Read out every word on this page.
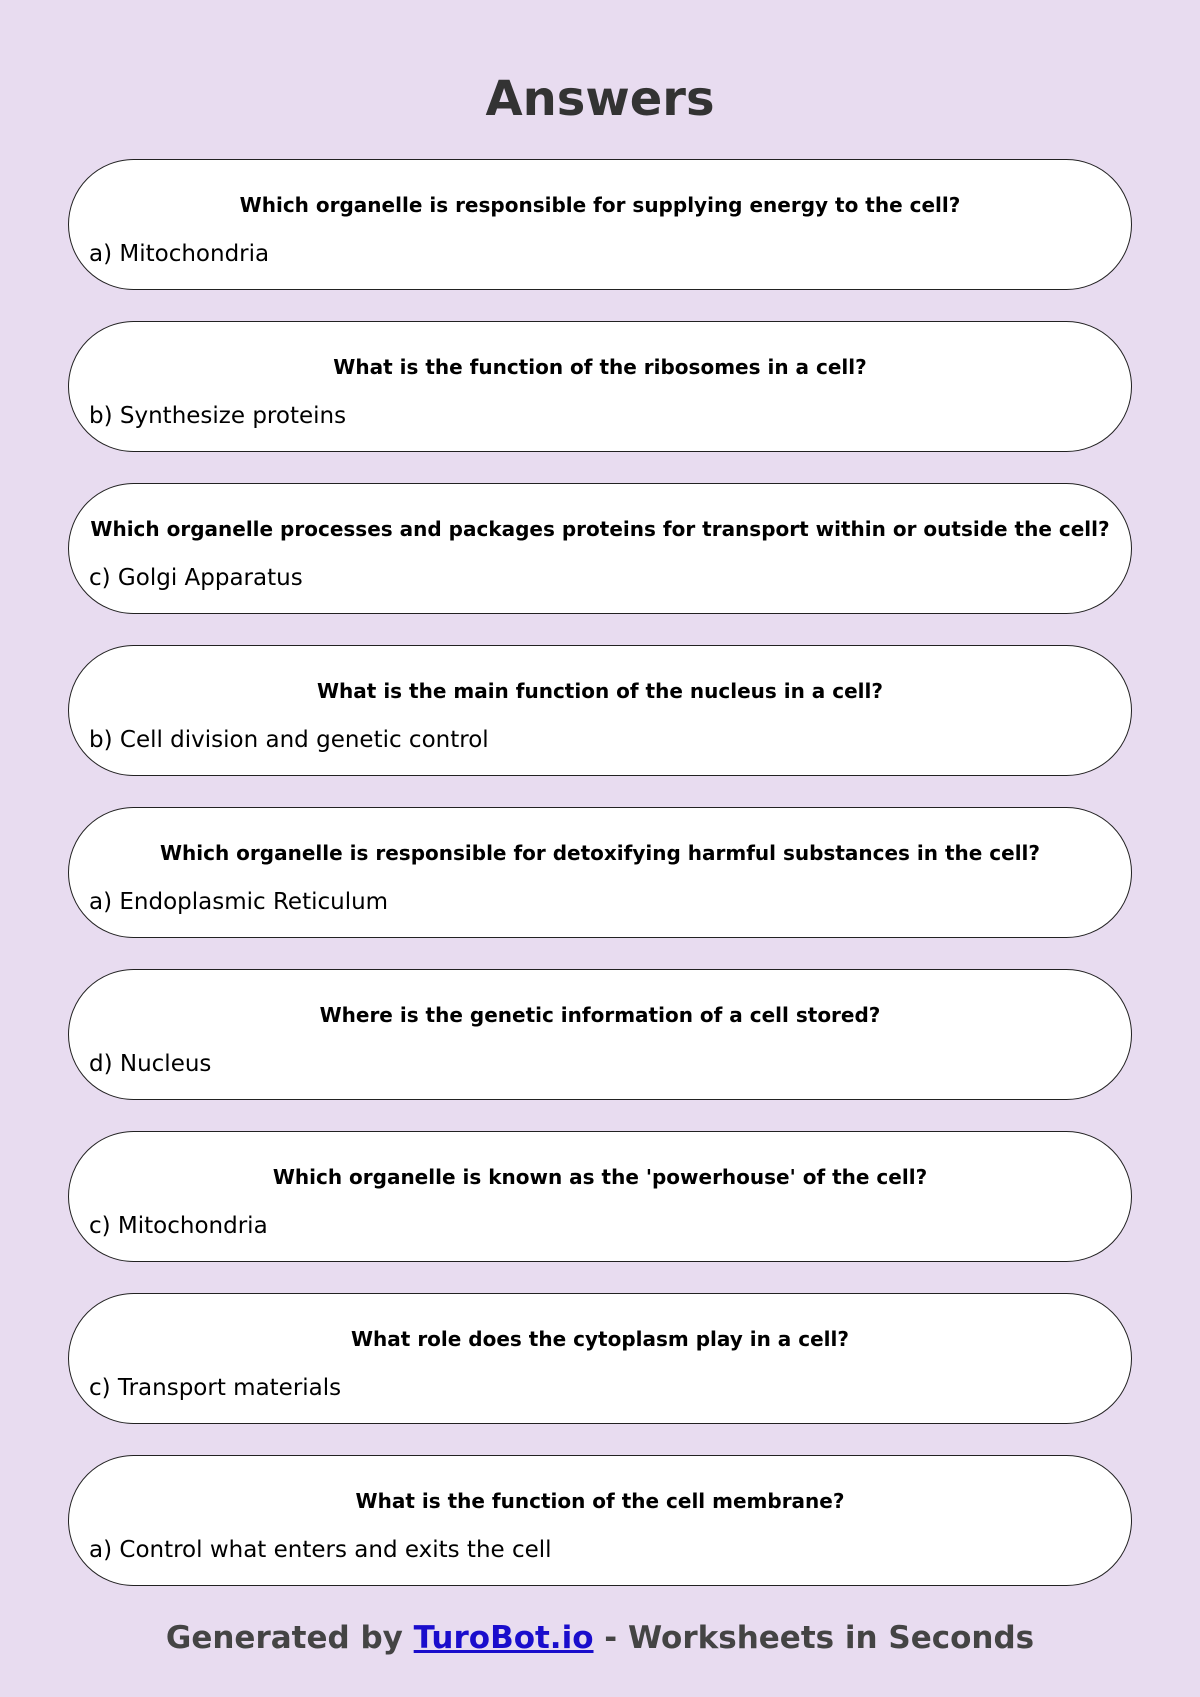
Answers
Which organelle is responsible for supplying energy to the cell?
a) Mitochondria
What is the function of the ribosomes in a cell?
b) Synthesize proteins
Which organelle processes and packages proteins for transport within or outside the cell?
c) Golgi Apparatus
What is the main function of the nucleus in a cell?
b) Cell division and genetic control
Which organelle is responsible for detoxifying harmful substances in the cell?
a) Endoplasmic Reticulum
Where is the genetic information of a cell stored?
d) Nucleus
Which organelle is known as the 'powerhouse' of the cell?
c) Mitochondria
What role does the cytoplasm play in a cell?
c) Transport materials
What is the function of the cell membrane?
a) Control what enters and exits the cell
Generated by TuroBot.io - Worksheets in Seconds
